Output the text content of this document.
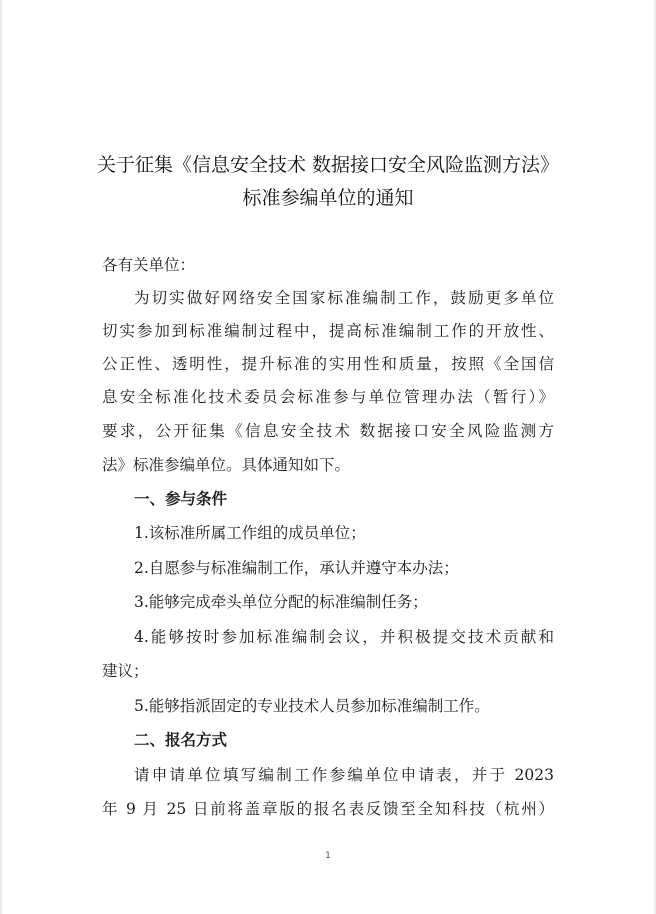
关于征集《信息安全技术 数据接口安全风险监测方法》
标准参编单位的通知
各有关单位：
为切实做好网络安全国家标准编制工作，鼓励更多单位
切实参加到标准编制过程中，提高标准编制工作的开放性、
公正性、透明性，提升标准的实用性和质量，按照《全国信
息安全标准化技术委员会标准参与单位管理办法（暂行）》
要求，公开征集《信息安全技术 数据接口安全风险监测方
法》标准参编单位。具体通知如下。
一、参与条件
1.该标准所属工作组的成员单位；
2.自愿参与标准编制工作，承认并遵守本办法；
3.能够完成牵头单位分配的标准编制任务；
4.能够按时参加标准编制会议，并积极提交技术贡献和
建议；
5.能够指派固定的专业技术人员参加标准编制工作。
二、报名方式
请申请单位填写编制工作参编单位申请表，并于 2023
年 9 月 25 日前将盖章版的报名表反馈至全知科技（杭州）
1
